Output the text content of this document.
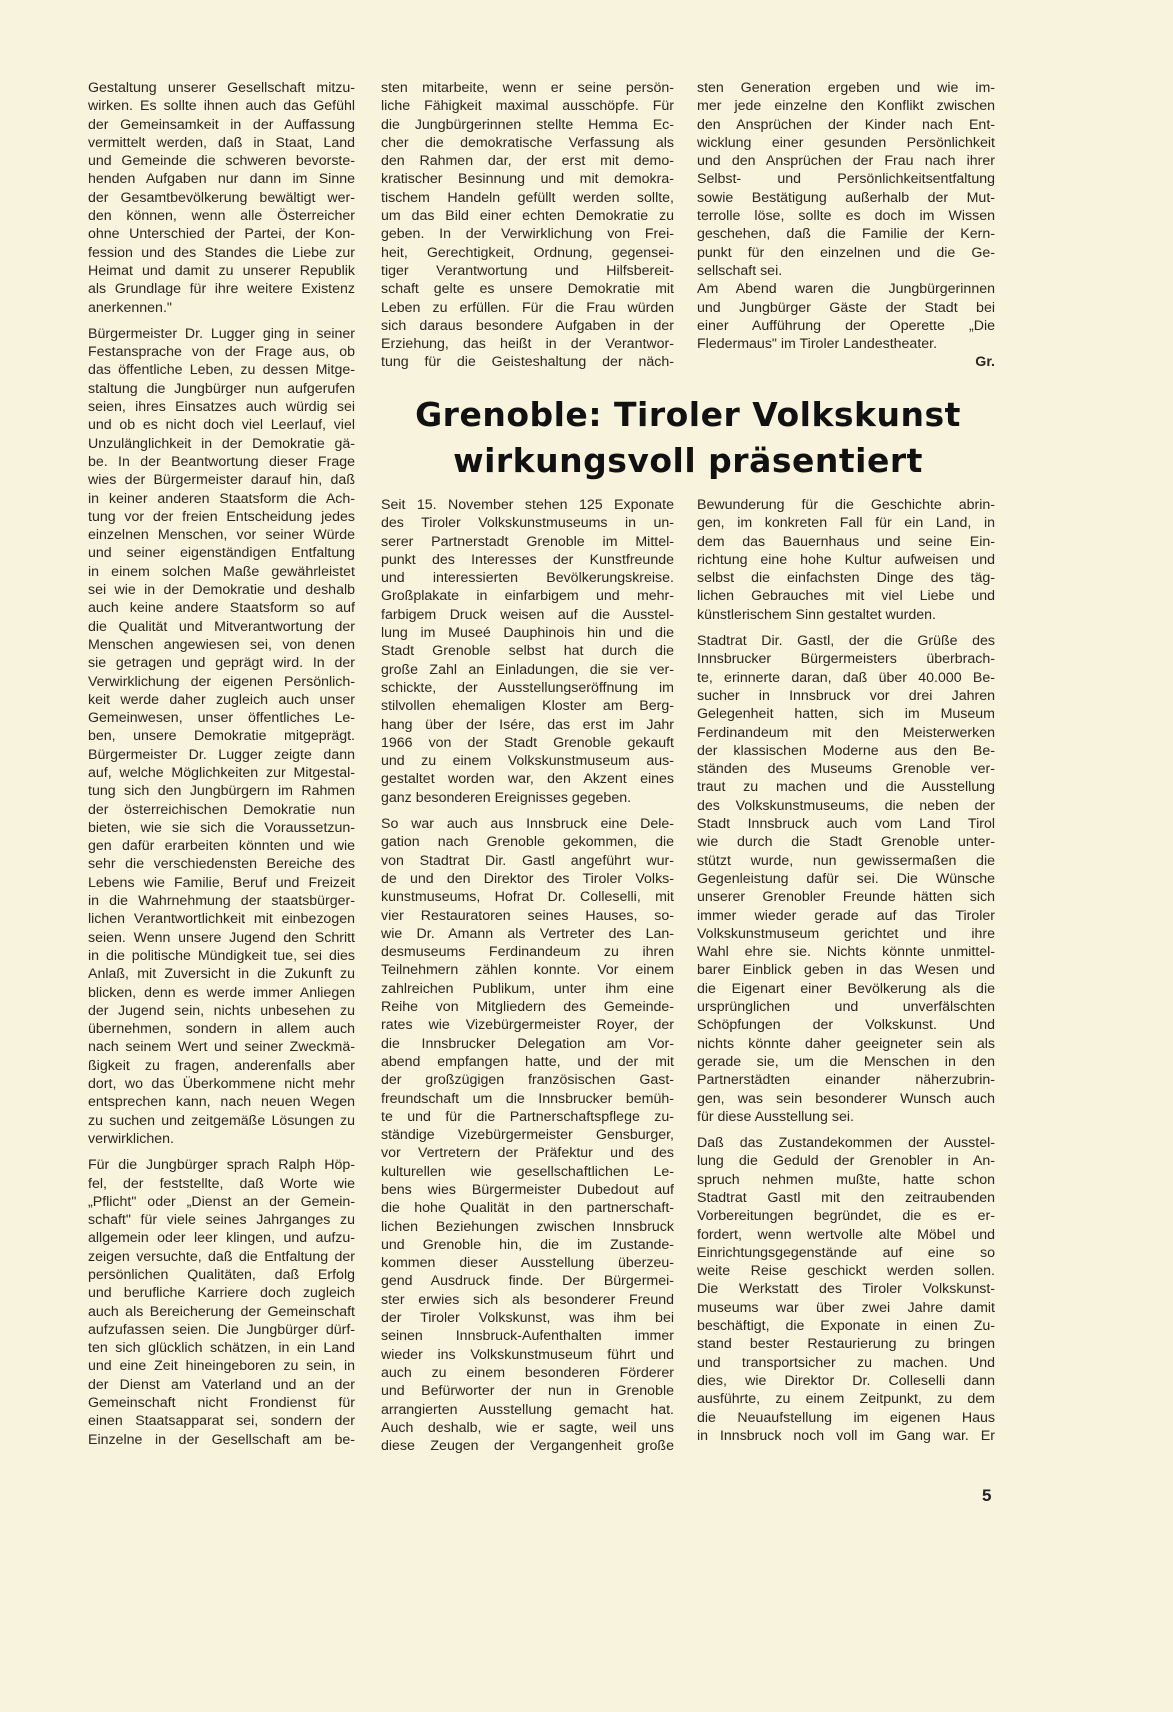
Gestaltung unserer Gesellschaft mitzu-
wirken. Es sollte ihnen auch das Gefühl
der Gemeinsamkeit in der Auffassung
vermittelt werden, daß in Staat, Land
und Gemeinde die schweren bevorste-
henden Aufgaben nur dann im Sinne
der Gesamtbevölkerung bewältigt wer-
den können, wenn alle Österreicher
ohne Unterschied der Partei, der Kon-
fession und des Standes die Liebe zur
Heimat und damit zu unserer Republik
als Grundlage für ihre weitere Existenz
anerkennen."
Bürgermeister Dr. Lugger ging in seiner
Festansprache von der Frage aus, ob
das öffentliche Leben, zu dessen Mitge-
staltung die Jungbürger nun aufgerufen
seien, ihres Einsatzes auch würdig sei
und ob es nicht doch viel Leerlauf, viel
Unzulänglichkeit in der Demokratie gä-
be. In der Beantwortung dieser Frage
wies der Bürgermeister darauf hin, daß
in keiner anderen Staatsform die Ach-
tung vor der freien Entscheidung jedes
einzelnen Menschen, vor seiner Würde
und seiner eigenständigen Entfaltung
in einem solchen Maße gewährleistet
sei wie in der Demokratie und deshalb
auch keine andere Staatsform so auf
die Qualität und Mitverantwortung der
Menschen angewiesen sei, von denen
sie getragen und geprägt wird. In der
Verwirklichung der eigenen Persönlich-
keit werde daher zugleich auch unser
Gemeinwesen, unser öffentliches Le-
ben, unsere Demokratie mitgeprägt.
Bürgermeister Dr. Lugger zeigte dann
auf, welche Möglichkeiten zur Mitgestal-
tung sich den Jungbürgern im Rahmen
der österreichischen Demokratie nun
bieten, wie sie sich die Voraussetzun-
gen dafür erarbeiten könnten und wie
sehr die verschiedensten Bereiche des
Lebens wie Familie, Beruf und Freizeit
in die Wahrnehmung der staatsbürger-
lichen Verantwortlichkeit mit einbezogen
seien. Wenn unsere Jugend den Schritt
in die politische Mündigkeit tue, sei dies
Anlaß, mit Zuversicht in die Zukunft zu
blicken, denn es werde immer Anliegen
der Jugend sein, nichts unbesehen zu
übernehmen, sondern in allem auch
nach seinem Wert und seiner Zweckmä-
ßigkeit zu fragen, anderenfalls aber
dort, wo das Überkommene nicht mehr
entsprechen kann, nach neuen Wegen
zu suchen und zeitgemäße Lösungen zu
verwirklichen.
Für die Jungbürger sprach Ralph Höp-
fel, der feststellte, daß Worte wie
„Pflicht" oder „Dienst an der Gemein-
schaft" für viele seines Jahrganges zu
allgemein oder leer klingen, und aufzu-
zeigen versuchte, daß die Entfaltung der
persönlichen Qualitäten, daß Erfolg
und berufliche Karriere doch zugleich
auch als Bereicherung der Gemeinschaft
aufzufassen seien. Die Jungbürger dürf-
ten sich glücklich schätzen, in ein Land
und eine Zeit hineingeboren zu sein, in
der Dienst am Vaterland und an der
Gemeinschaft nicht Frondienst für
einen Staatsapparat sei, sondern der
Einzelne in der Gesellschaft am be-
sten mitarbeite, wenn er seine persön-
liche Fähigkeit maximal ausschöpfe. Für
die Jungbürgerinnen stellte Hemma Ec-
cher die demokratische Verfassung als
den Rahmen dar, der erst mit demo-
kratischer Besinnung und mit demokra-
tischem Handeln gefüllt werden sollte,
um das Bild einer echten Demokratie zu
geben. In der Verwirklichung von Frei-
heit, Gerechtigkeit, Ordnung, gegensei-
tiger Verantwortung und Hilfsbereit-
schaft gelte es unsere Demokratie mit
Leben zu erfüllen. Für die Frau würden
sich daraus besondere Aufgaben in der
Erziehung, das heißt in der Verantwor-
tung für die Geisteshaltung der näch-
sten Generation ergeben und wie im-
mer jede einzelne den Konflikt zwischen
den Ansprüchen der Kinder nach Ent-
wicklung einer gesunden Persönlichkeit
und den Ansprüchen der Frau nach ihrer
Selbst- und Persönlichkeitsentfaltung
sowie Bestätigung außerhalb der Mut-
terrolle löse, sollte es doch im Wissen
geschehen, daß die Familie der Kern-
punkt für den einzelnen und die Ge-
sellschaft sei.
Am Abend waren die Jungbürgerinnen
und Jungbürger Gäste der Stadt bei
einer Aufführung der Operette „Die
Fledermaus" im Tiroler Landestheater.
Gr.
Grenoble: Tiroler Volkskunst
wirkungsvoll präsentiert
Seit 15. November stehen 125 Exponate
des Tiroler Volkskunstmuseums in un-
serer Partnerstadt Grenoble im Mittel-
punkt des Interesses der Kunstfreunde
und interessierten Bevölkerungskreise.
Großplakate in einfarbigem und mehr-
farbigem Druck weisen auf die Ausstel-
lung im Museé Dauphinois hin und die
Stadt Grenoble selbst hat durch die
große Zahl an Einladungen, die sie ver-
schickte, der Ausstellungseröffnung im
stilvollen ehemaligen Kloster am Berg-
hang über der Isére, das erst im Jahr
1966 von der Stadt Grenoble gekauft
und zu einem Volkskunstmuseum aus-
gestaltet worden war, den Akzent eines
ganz besonderen Ereignisses gegeben.
So war auch aus Innsbruck eine Dele-
gation nach Grenoble gekommen, die
von Stadtrat Dir. Gastl angeführt wur-
de und den Direktor des Tiroler Volks-
kunstmuseums, Hofrat Dr. Colleselli, mit
vier Restauratoren seines Hauses, so-
wie Dr. Amann als Vertreter des Lan-
desmuseums Ferdinandeum zu ihren
Teilnehmern zählen konnte. Vor einem
zahlreichen Publikum, unter ihm eine
Reihe von Mitgliedern des Gemeinde-
rates wie Vizebürgermeister Royer, der
die Innsbrucker Delegation am Vor-
abend empfangen hatte, und der mit
der großzügigen französischen Gast-
freundschaft um die Innsbrucker bemüh-
te und für die Partnerschaftspflege zu-
ständige Vizebürgermeister Gensburger,
vor Vertretern der Präfektur und des
kulturellen wie gesellschaftlichen Le-
bens wies Bürgermeister Dubedout auf
die hohe Qualität in den partnerschaft-
lichen Beziehungen zwischen Innsbruck
und Grenoble hin, die im Zustande-
kommen dieser Ausstellung überzeu-
gend Ausdruck finde. Der Bürgermei-
ster erwies sich als besonderer Freund
der Tiroler Volkskunst, was ihm bei
seinen Innsbruck-Aufenthalten immer
wieder ins Volkskunstmuseum führt und
auch zu einem besonderen Förderer
und Befürworter der nun in Grenoble
arrangierten Ausstellung gemacht hat.
Auch deshalb, wie er sagte, weil uns
diese Zeugen der Vergangenheit große
Bewunderung für die Geschichte abrin-
gen, im konkreten Fall für ein Land, in
dem das Bauernhaus und seine Ein-
richtung eine hohe Kultur aufweisen und
selbst die einfachsten Dinge des täg-
lichen Gebrauches mit viel Liebe und
künstlerischem Sinn gestaltet wurden.
Stadtrat Dir. Gastl, der die Grüße des
Innsbrucker Bürgermeisters überbrach-
te, erinnerte daran, daß über 40.000 Be-
sucher in Innsbruck vor drei Jahren
Gelegenheit hatten, sich im Museum
Ferdinandeum mit den Meisterwerken
der klassischen Moderne aus den Be-
ständen des Museums Grenoble ver-
traut zu machen und die Ausstellung
des Volkskunstmuseums, die neben der
Stadt Innsbruck auch vom Land Tirol
wie durch die Stadt Grenoble unter-
stützt wurde, nun gewissermaßen die
Gegenleistung dafür sei. Die Wünsche
unserer Grenobler Freunde hätten sich
immer wieder gerade auf das Tiroler
Volkskunstmuseum gerichtet und ihre
Wahl ehre sie. Nichts könnte unmittel-
barer Einblick geben in das Wesen und
die Eigenart einer Bevölkerung als die
ursprünglichen und unverfälschten
Schöpfungen der Volkskunst. Und
nichts könnte daher geeigneter sein als
gerade sie, um die Menschen in den
Partnerstädten einander näherzubrin-
gen, was sein besonderer Wunsch auch
für diese Ausstellung sei.
Daß das Zustandekommen der Ausstel-
lung die Geduld der Grenobler in An-
spruch nehmen mußte, hatte schon
Stadtrat Gastl mit den zeitraubenden
Vorbereitungen begründet, die es er-
fordert, wenn wertvolle alte Möbel und
Einrichtungsgegenstände auf eine so
weite Reise geschickt werden sollen.
Die Werkstatt des Tiroler Volkskunst-
museums war über zwei Jahre damit
beschäftigt, die Exponate in einen Zu-
stand bester Restaurierung zu bringen
und transportsicher zu machen. Und
dies, wie Direktor Dr. Colleselli dann
ausführte, zu einem Zeitpunkt, zu dem
die Neuaufstellung im eigenen Haus
in Innsbruck noch voll im Gang war. Er
5
